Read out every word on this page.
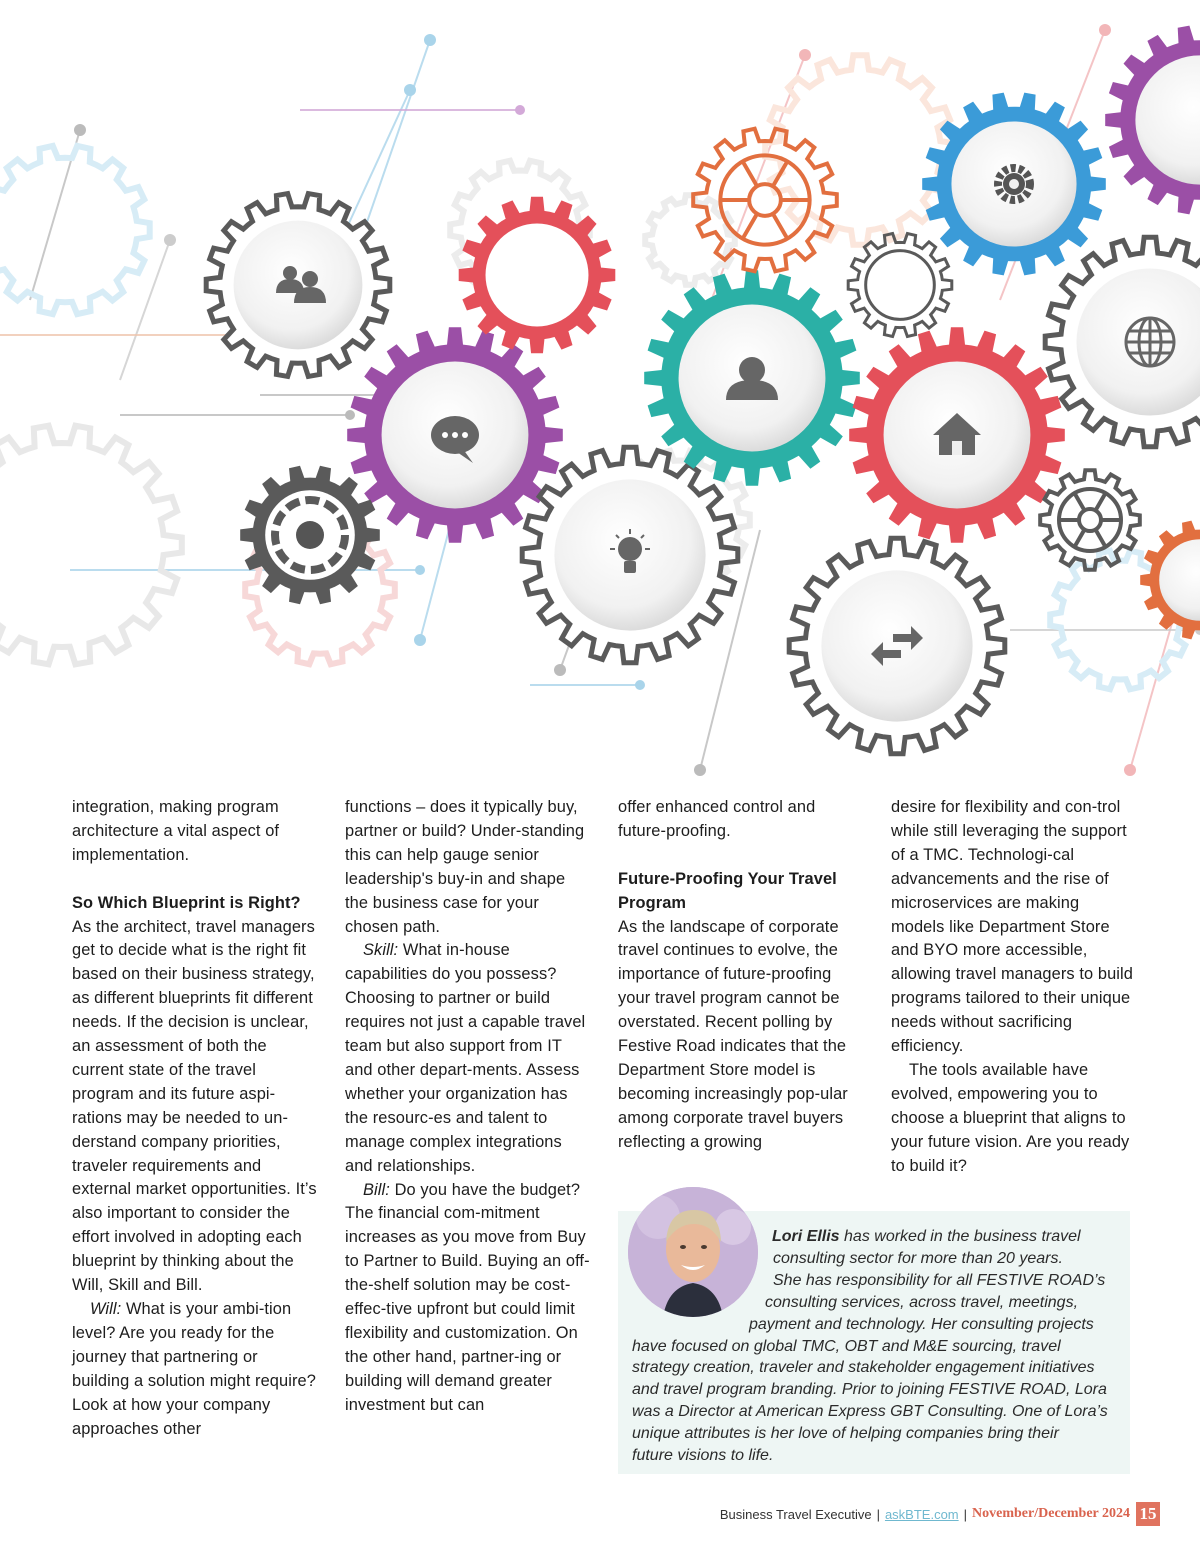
integration, making program architecture a vital aspect of implementation.

So Which Blueprint is Right?

As the architect, travel managers get to decide what is the right fit based on their business strategy, as different blueprints fit different needs. If the decision is unclear, an assessment of both the current state of the travel program and its future aspi-rations may be needed to un-derstand company priorities, traveler requirements and external market opportunities. It’s also important to consider the effort involved in adopting each blueprint by thinking about the Will, Skill and Bill.

Will: What is your ambi-tion level? Are you ready for the journey that partnering or building a solution might require? Look at how your company approaches other

functions – does it typically buy, partner or build? Under-standing this can help gauge senior leadership's buy-in and shape the business case for your chosen path.

Skill: What in-house capabilities do you possess? Choosing to partner or build requires not just a capable travel team but also support from IT and other depart-ments. Assess whether your organization has the resourc-es and talent to manage complex integrations and relationships.

Bill: Do you have the budget? The financial com-mitment increases as you move from Buy to Partner to Build. Buying an off-the-shelf solution may be cost-effec-tive upfront but could limit flexibility and customization. On the other hand, partner-ing or building will demand greater investment but can

offer enhanced control and future-proofing.

Future-Proofing Your Travel Program

As the landscape of corporate travel continues to evolve, the importance of future-proofing your travel program cannot be overstated. Recent polling by Festive Road indicates that the Department Store model is becoming increasingly pop-ular among corporate travel buyers reflecting a growing

desire for flexibility and con-trol while still leveraging the support of a TMC. Technologi-cal advancements and the rise of microservices are making models like Department Store and BYO more accessible, allowing travel managers to build programs tailored to their unique needs without sacrificing efficiency.

The tools available have evolved, empowering you to choose a blueprint that aligns to your future vision. Are you ready to build it?

Lori Ellis has worked in the business travel
consulting sector for more than 20 years.
She has responsibility for all FESTIVE ROAD’s
consulting services, across travel, meetings,
payment and technology. Her consulting projects
have focused on global TMC, OBT and M&E sourcing, travel
strategy creation, traveler and stakeholder engagement initiatives
and travel program branding. Prior to joining FESTIVE ROAD, Lora
was a Director at American Express GBT Consulting. One of Lora’s
unique attributes is her love of helping companies bring their
future visions to life.
Business Travel Executive | askBTE.com | November/December 2024 15
